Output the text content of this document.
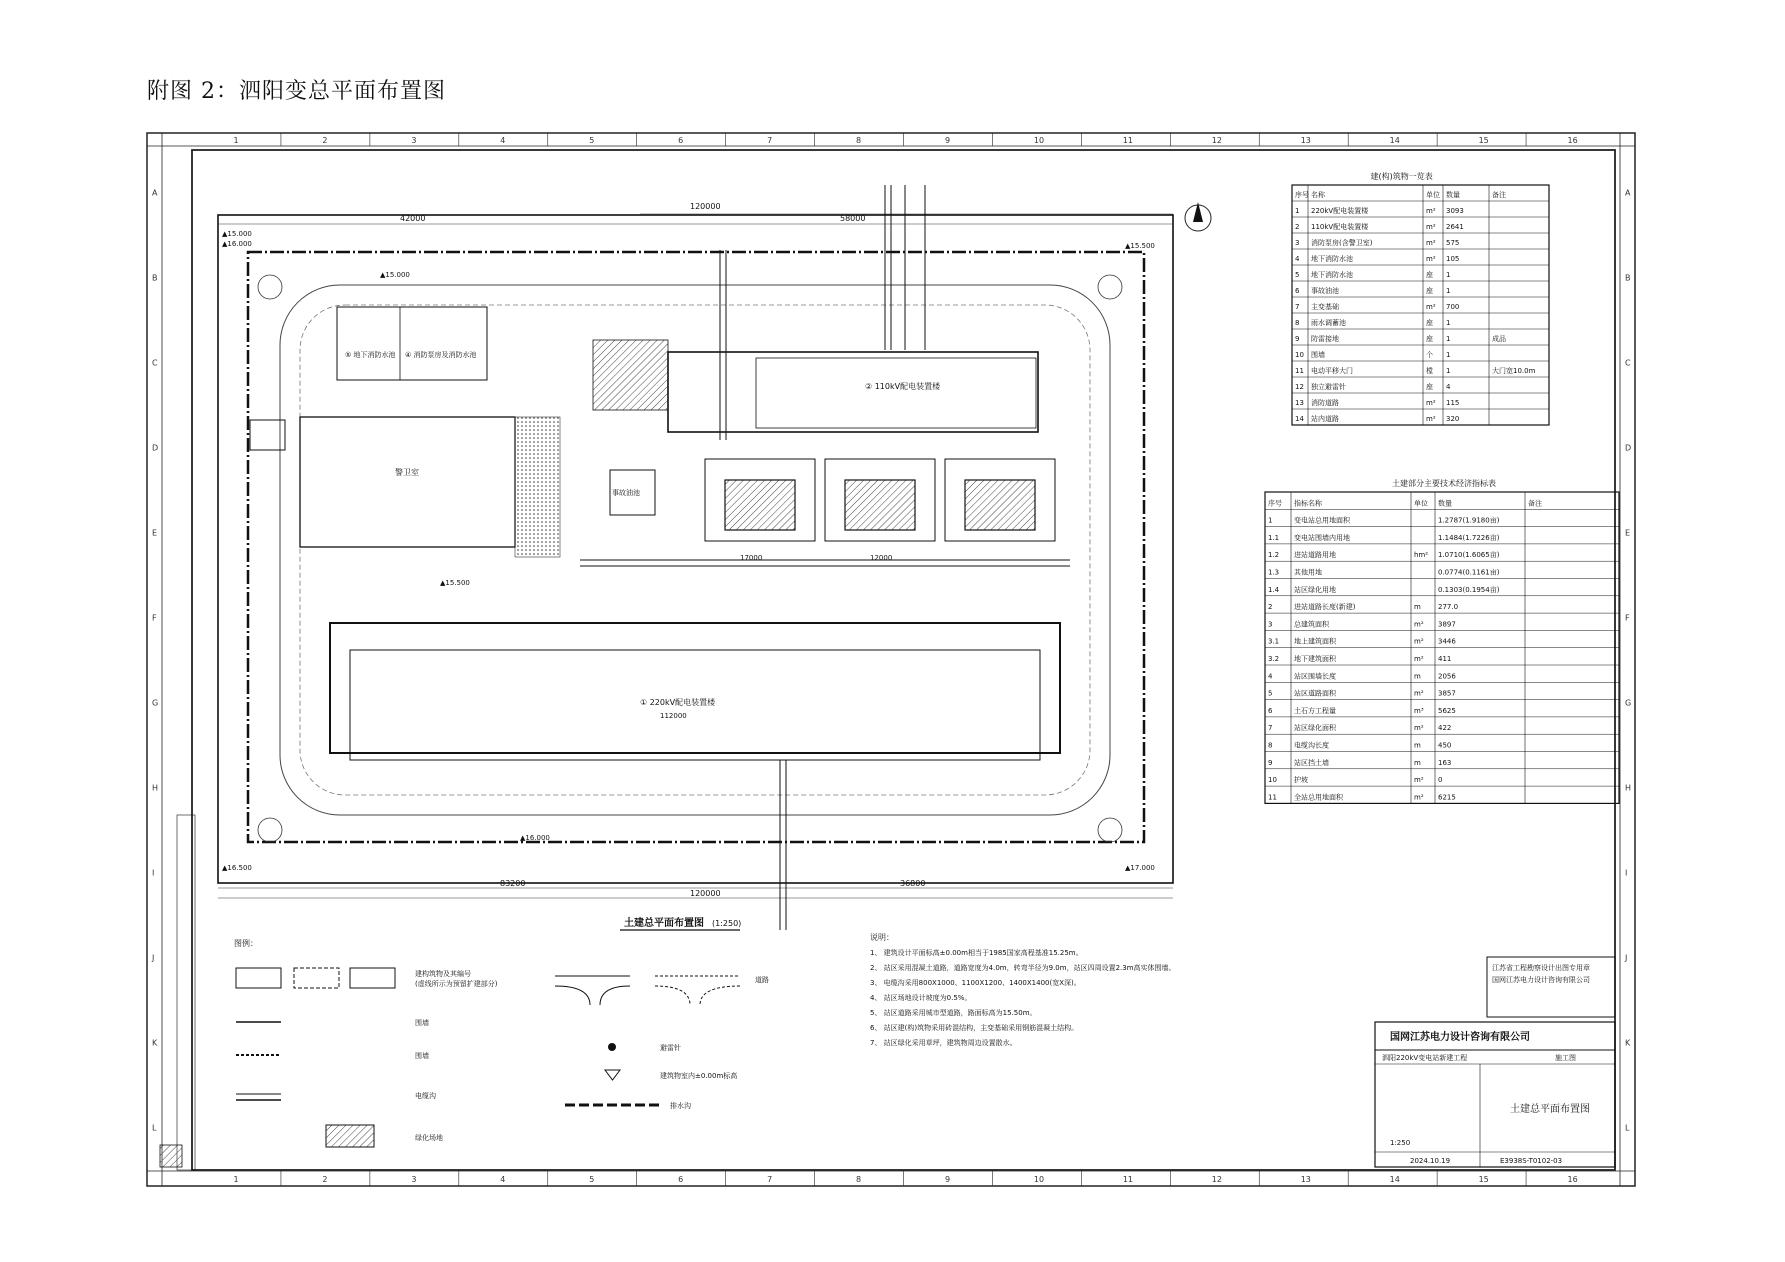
附图 2：泗阳变总平面布置图
1
1
2
2
3
3
4
4
5
5
6
6
7
7
8
8
9
9
10
10
11
11
12
12
13
13
14
14
15
15
16
16
A	A
B	B
C	C
D	D
E	E
F	F
G	G
H	H
I	I
J	J
K	K
L	L
42000	58000
120000
83200	36800
120000
⑤ 地下消防水池 ④ 消防泵房及消防水池
警卫室
事故油池
② 110kV配电装置楼
17000	12000
① 220kV配电装置楼
112000
▲15.000
▲16.000	▲15.500
▲16.500	▲17.000
▲15.000
▲15.500
▲16.000
土建总平面布置图 (1:250)
建(构)筑物一览表
序号 名称	单位 数量	备注
1 220kV配电装置楼	m² 3093
2 110kV配电装置楼	m² 2641
3 消防泵房(含警卫室)	m² 575
4 地下消防水池	m² 105
5 地下消防水池	座 1
6 事故油池	座 1
7 主变基础	m² 700
8 雨水调蓄池	座 1
9 防雷接地	座 1	成品
10 围墙	个 1
11 电动平移大门	樘 1	大门宽10.0m
12 独立避雷针	座 4
13 消防道路	m² 115
14 站内道路	m² 320
土建部分主要技术经济指标表
序号 指标名称	单位 数量	备注
1	变电站总用地面积	1.2787(1.9180亩)
1.1 变电站围墙内用地	1.1484(1.7226亩)
1.2 进站道路用地	hm² 1.0710(1.6065亩)
1.3 其他用地	0.0774(0.1161亩)
1.4 站区绿化用地	0.1303(0.1954亩)
2	进站道路长度(新建)	m 277.0
3	总建筑面积	m² 3897
3.1 地上建筑面积	m² 3446
3.2 地下建筑面积	m² 411
4	站区围墙长度	m 2056
5	站区道路面积	m² 3857
6	土石方工程量	m³ 5625
7	站区绿化面积	m² 422
8	电缆沟长度	m 450
9	站区挡土墙	m 163
10 护坡	m² 0
11 全站总用地面积	m² 6215
图例：
建构筑物及其编号
(虚线所示为预留扩建部分)
围墙
围墙
电缆沟
绿化场地
道路
避雷针
建筑物室内±0.00m标高
排水沟
说明：
1、 建筑设计平面标高±0.00m相当于1985国家高程基准15.25m。
2、 站区采用混凝土道路，道路宽度为4.0m，转弯半径为9.0m，站区四周设置2.3m高实体围墙。
3、 电缆沟采用800X1000、1100X1200、1400X1400(宽X深)。
4、 站区场地设计坡度为0.5%。
5、 站区道路采用城市型道路，路面标高为15.50m。
6、 站区建(构)筑物采用砖混结构，主变基础采用钢筋混凝土结构。
7、 站区绿化采用草坪，建筑物周边设置散水。	国网江苏电力设计咨询有限公司
泗阳220kV变电站新建工程	施工图
土建总平面布置图
1:250
2024.10.19	E3938S-T0102-03
江苏省工程勘察设计出图专用章
国网江苏电力设计咨询有限公司
